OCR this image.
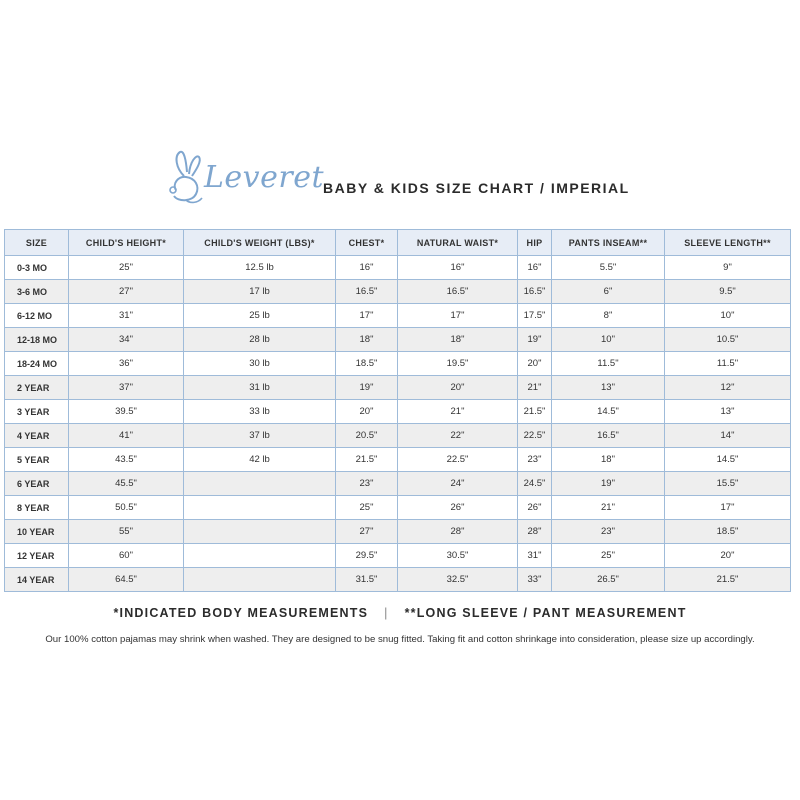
Leveret
BABY & KIDS SIZE CHART / IMPERIAL
SIZE	CHILD'S HEIGHT*	CHILD'S WEIGHT (LBS)*	CHEST*	NATURAL WAIST*	HIP	PANTS INSEAM**	SLEEVE LENGTH**
0-3 MO	25"	12.5 lb	16"	16"	16"	5.5"	9"
3-6 MO	27"	17 lb	16.5"	16.5"	16.5"	6"	9.5"
6-12 MO	31"	25 lb	17"	17"	17.5"	8"	10"
12-18 MO	34"	28 lb	18"	18"	19"	10"	10.5"
18-24 MO	36"	30 lb	18.5"	19.5"	20"	11.5"	11.5"
2 YEAR	37"	31 lb	19"	20"	21"	13"	12"
3 YEAR	39.5"	33 lb	20"	21"	21.5"	14.5"	13"
4 YEAR	41"	37 lb	20.5"	22"	22.5"	16.5"	14"
5 YEAR	43.5"	42 lb	21.5"	22.5"	23"	18"	14.5"
6 YEAR	45.5"		23"	24"	24.5"	19"	15.5"
8 YEAR	50.5"		25"	26"	26"	21"	17"
10 YEAR	55"		27"	28"	28"	23"	18.5"
12 YEAR	60"		29.5"	30.5"	31"	25"	20"
14 YEAR	64.5"		31.5"	32.5"	33"	26.5"	21.5"
*INDICATED BODY MEASUREMENTS | **LONG SLEEVE / PANT MEASUREMENT
Our 100% cotton pajamas may shrink when washed. They are designed to be snug fitted. Taking fit and cotton shrinkage into consideration, please size up accordingly.
